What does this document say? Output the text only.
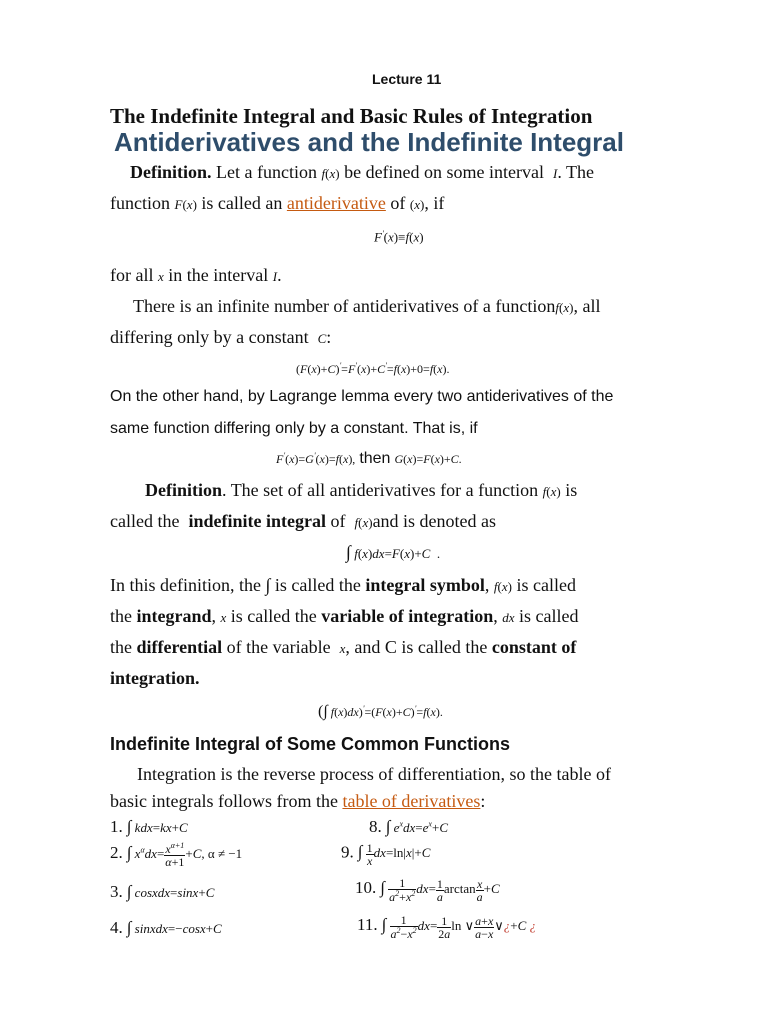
Lecture 11
The Indefinite Integral and Basic Rules of Integration
Antiderivatives and the Indefinite Integral
Definition. Let a function f(x) be defined on some interval I. The
function F(x) is called an antiderivative of (x), if
F'(x)≡f(x)
for all x in the interval I.
There is an infinite number of antiderivatives of a functionf(x), all
differing only by a constant C:
(F(x)+C)'=F'(x)+C'=f(x)+0=f(x).
On the other hand, by Lagrange lemma every two antiderivatives of the
same function differing only by a constant. That is, if
F'(x)=G'(x)=f(x), then G(x)=F(x)+C.
Definition. The set of all antiderivatives for a function f(x) is
called the indefinite integral of f(x)and is denoted as
∫ f(x)dx=F(x)+C  .
In this definition, the ∫ is called the integral symbol, f(x) is called
the integrand, x is called the variable of integration, dx is called
the differential of the variable x, and C is called the constant of
integration.
(∫ f(x)dx)'=(F(x)+C)'=f(x).
Indefinite Integral of Some Common Functions
Integration is the reverse process of differentiation, so the table of
basic integrals follows from the table of derivatives:
1. ∫ kdx=kx+C
2. ∫ $x^\alpha dx= \frac{x^{\alpha+1}}{\alpha+1} +C$, α ≠ −1
3. ∫ cosxdx=sinx+C
4. ∫ sinxdx=−cosx+C
8. ∫ $e^xdx=e^x+C$
9. ∫ $\frac{1}{x} dx=\ln|x|+C$
10. ∫ $\frac{1}{a^2+x^2} dx= \frac{1}{a}$ $\arctan \frac{x}{a} +C$
11. ∫ $\frac{1}{a^2-x^2} dx= \frac{1}{2a}$ ln ∨ $\frac{a+x}{a-x}$ ∨¿+C ¿
